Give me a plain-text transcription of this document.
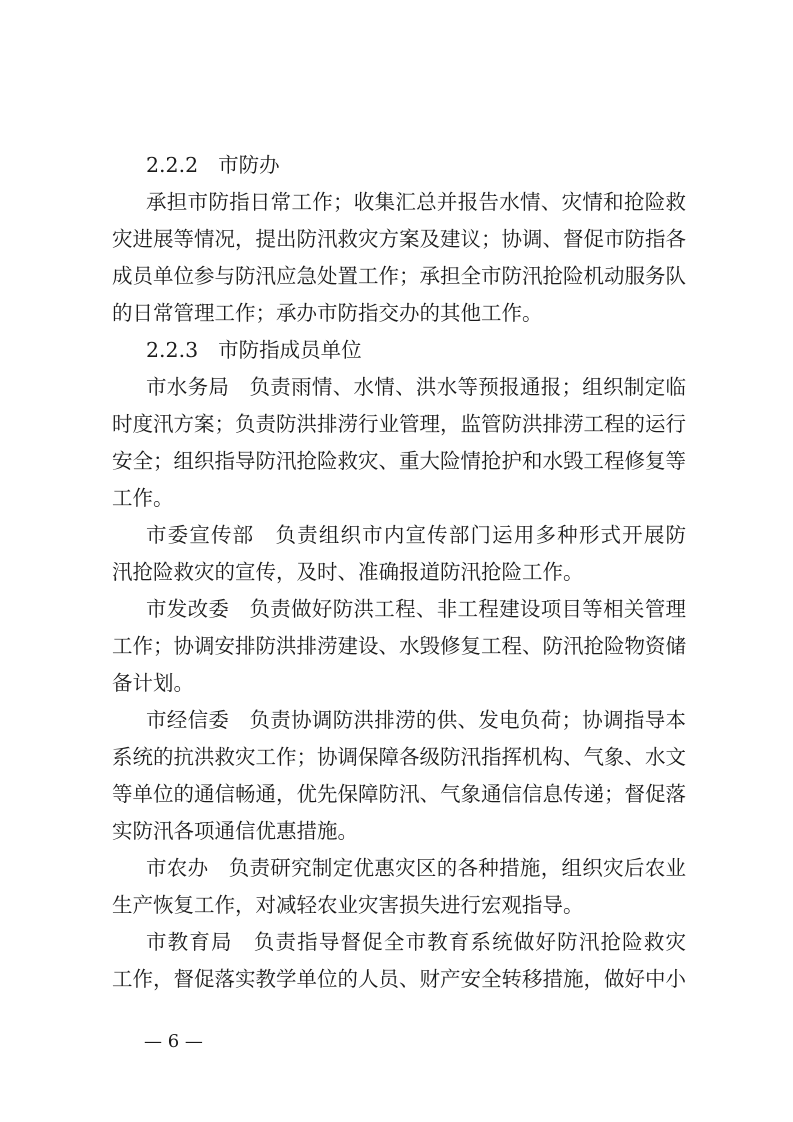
2.2.2 市防办
承担市防指日常工作；收集汇总并报告水情、灾情和抢险救
灾进展等情况，提出防汛救灾方案及建议；协调、督促市防指各
成员单位参与防汛应急处置工作；承担全市防汛抢险机动服务队
的日常管理工作；承办市防指交办的其他工作。
2.2.3 市防指成员单位
市水务局 负责雨情、水情、洪水等预报通报；组织制定临
时度汛方案；负责防洪排涝行业管理，监管防洪排涝工程的运行
安全；组织指导防汛抢险救灾、重大险情抢护和水毁工程修复等
工作。
市委宣传部 负责组织市内宣传部门运用多种形式开展防
汛抢险救灾的宣传，及时、准确报道防汛抢险工作。
市发改委 负责做好防洪工程、非工程建设项目等相关管理
工作；协调安排防洪排涝建设、水毁修复工程、防汛抢险物资储
备计划。
市经信委 负责协调防洪排涝的供、发电负荷；协调指导本
系统的抗洪救灾工作；协调保障各级防汛指挥机构、气象、水文
等单位的通信畅通，优先保障防汛、气象通信信息传递；督促落
实防汛各项通信优惠措施。
市农办 负责研究制定优惠灾区的各种措施，组织灾后农业
生产恢复工作，对减轻农业灾害损失进行宏观指导。
市教育局 负责指导督促全市教育系统做好防汛抢险救灾
工作，督促落实教学单位的人员、财产安全转移措施，做好中小
— 6 —
